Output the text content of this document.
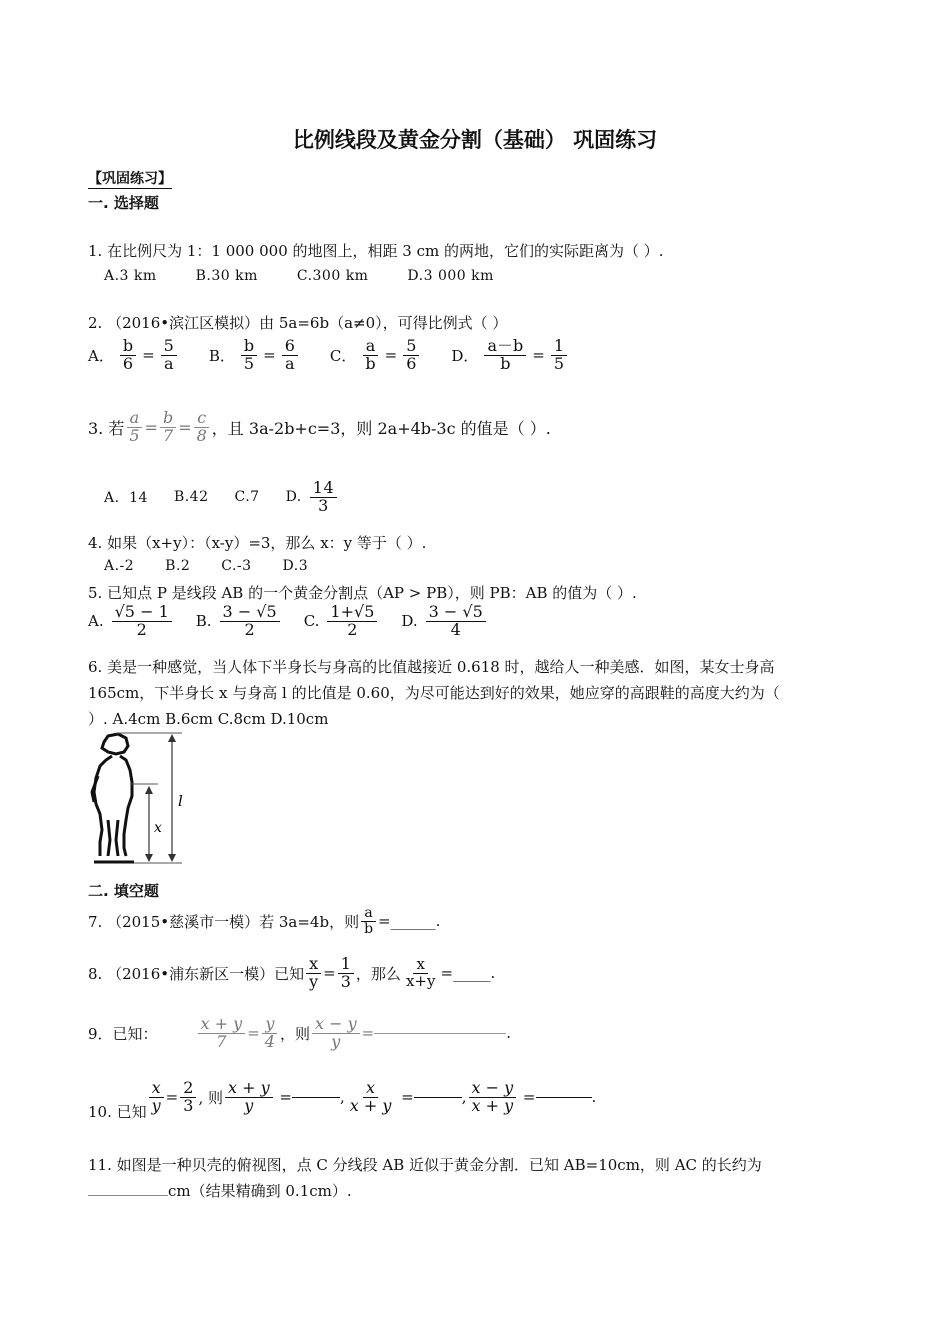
比例线段及黄金分割（基础） 巩固练习
【巩固练习】
一. 选择题
1. 在比例尺为 1：1 000 000 的地图上，相距 3 cm 的两地，它们的实际距离为（ ）.
A.3 km	B.30 km	C.300 km	D.3 000 km
2. （2016•滨江区模拟）由 5a=6b（a≠0），可得比例式（ ）
A． $\frac{b}{6} = \frac{5}{a}$ B． $\frac{b}{5} = \frac{6}{a}$ C． $\frac{a}{b} = \frac{5}{6}$ D． $\frac{a-b}{b} = \frac{1}{5}$
3. 若 $\frac{a}{5} = \frac{b}{7} = \frac{c}{8}$ ，且 3a-2b+c=3，则 2a+4b-3c 的值是（ ）.
A．14 B.42 C.7 D. $\frac{14}{3}$
4. 如果（x+y）：（x-y）=3，那么 x：y 等于（ ）.
A.-2 B.2 C.-3 D.3
5. 已知点 P 是线段 AB 的一个黄金分割点（AP > PB），则 PB：AB 的值为（ ）.
A. $\frac{√5 - 1}{2} B$. $\frac{3 - √5}{2} C$. $\frac{1+√5}{2} D$. $\frac{3 - √5}{4}$
6. 美是一种感觉，当人体下半身长与身高的比值越接近 0.618 时，越给人一种美感．如图，某女士身高
165cm，下半身长 x 与身高 l 的比值是 0.60，为尽可能达到好的效果，她应穿的高跟鞋的高度大约为（
）. A.4cm B.6cm C.8cm D.10cm
l
x
二. 填空题
7. （2015•慈溪市一模）若 3a=4b，则 $\frac{a}{b}$ =______.
8. （2016•浦东新区一模）已知 $\frac{x}{y} = \frac{1}{3}$ ，那么 $\frac{x}{x+y}$ =_____.
9．已知：	$\frac{x + y}{7} = \frac{y}{4}$ ，则 $\frac{x - y}{y}$ =	.
10. 已知 $\frac{x}{y} = \frac{2}{3}$ , 则 $\frac{x + y}{y}$ =	, $\frac{x}{x + y}$ =	, $\frac{x - y}{x + y}$ =	.
11. 如图是一种贝壳的俯视图，点 C 分线段 AB 近似于黄金分割．已知 AB=10cm，则 AC 的长约为
cm（结果精确到 0.1cm）.
